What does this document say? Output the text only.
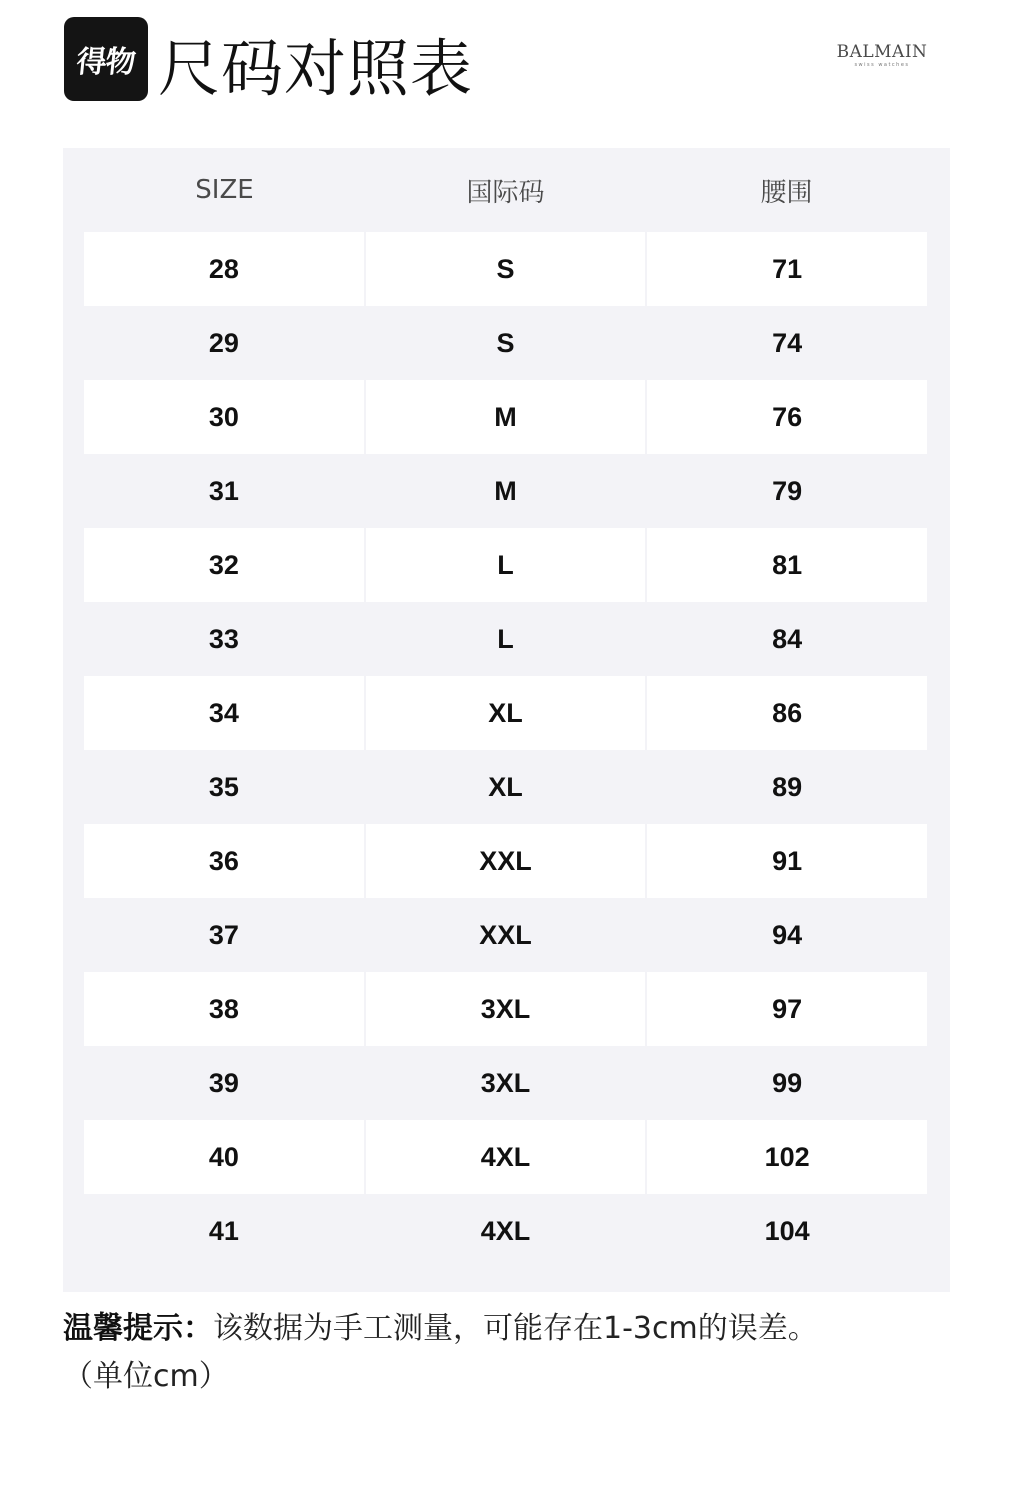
得物 尺码对照表	BALMAIN
swiss watches
SIZE	国际码	腰围
28	S	71
29	S	74
30	M	76
31	M	79
32	L	81
33	L	84
34	XL	86
35	XL	89
36	XXL	91
37	XXL	94
38	3XL	97
39	3XL	99
40	4XL	102
41	4XL	104
温馨提示：该数据为手工测量，可能存在1-3cm的误差。
（单位cm）
